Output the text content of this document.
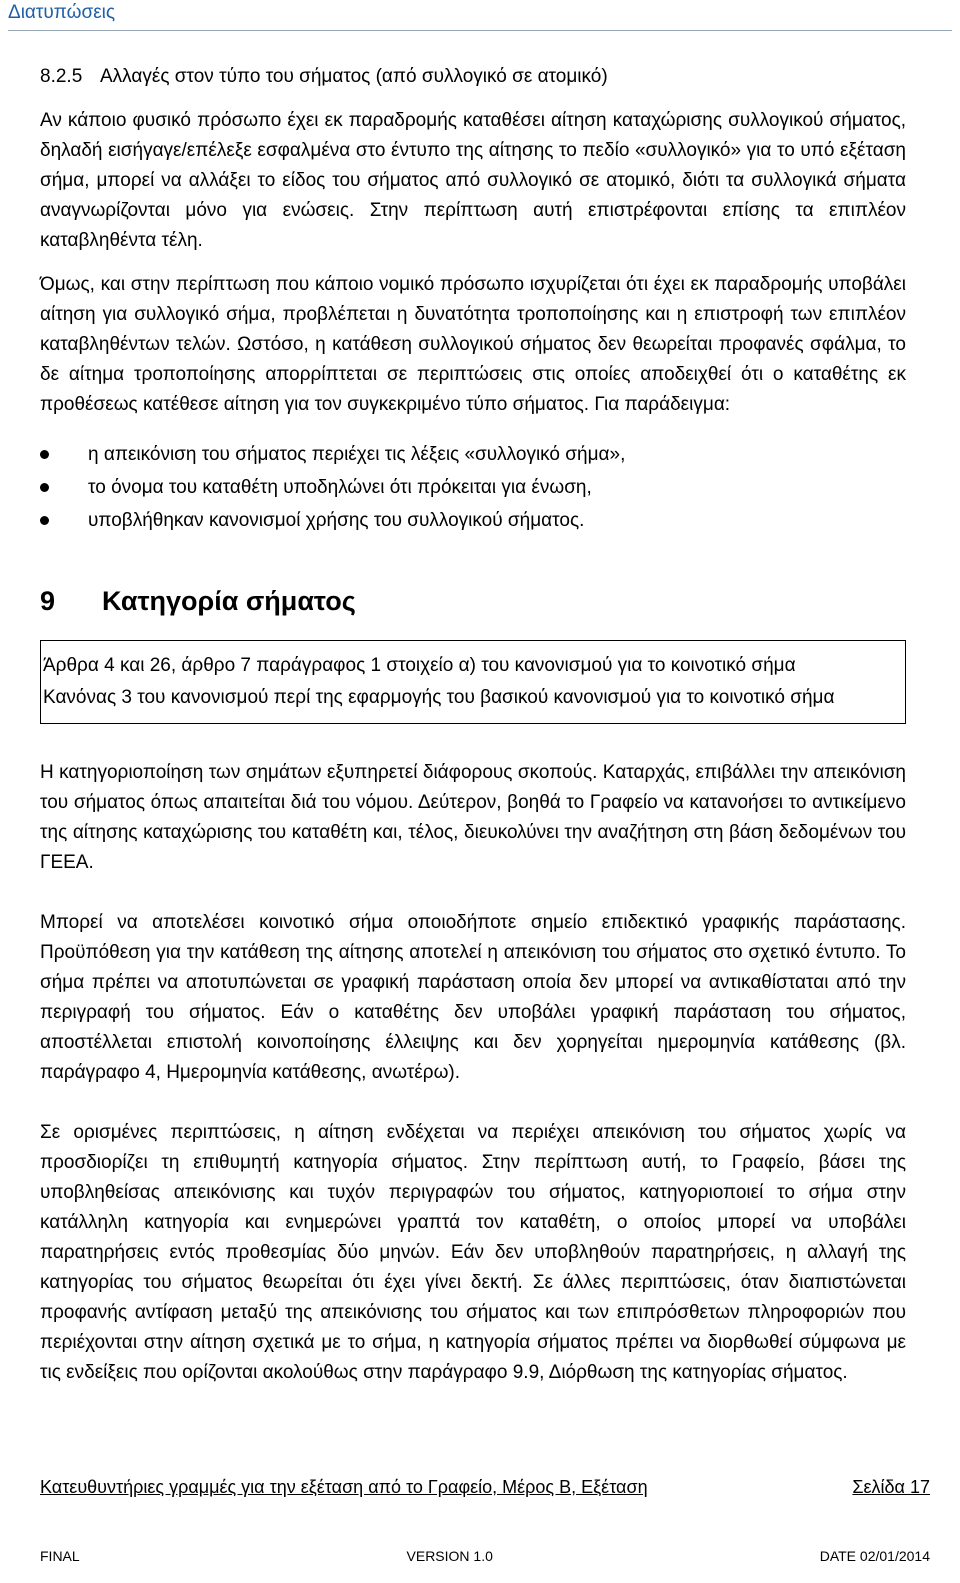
Διατυπώσεις
8.2.5 Αλλαγές στον τύπο του σήματος (από συλλογικό σε ατομικό)

Αν κάποιο φυσικό πρόσωπο έχει εκ παραδρομής καταθέσει αίτηση καταχώρισης συλλογικού σήματος, δηλαδή εισήγαγε/επέλεξε εσφαλμένα στο έντυπο της αίτησης το πεδίο «συλλογικό» για το υπό εξέταση σήμα, μπορεί να αλλάξει το είδος του σήματος από συλλογικό σε ατομικό, διότι τα συλλογικά σήματα αναγνωρίζονται μόνο για ενώσεις. Στην περίπτωση αυτή επιστρέφονται επίσης τα επιπλέον καταβληθέντα τέλη.

Όμως, και στην περίπτωση που κάποιο νομικό πρόσωπο ισχυρίζεται ότι έχει εκ παραδρομής υποβάλει αίτηση για συλλογικό σήμα, προβλέπεται η δυνατότητα τροποποίησης και η επιστροφή των επιπλέον καταβληθέντων τελών. Ωστόσο, η κατάθεση συλλογικού σήματος δεν θεωρείται προφανές σφάλμα, το δε αίτημα τροποποίησης απορρίπτεται σε περιπτώσεις στις οποίες αποδειχθεί ότι ο καταθέτης εκ προθέσεως κατέθεσε αίτηση για τον συγκεκριμένο τύπο σήματος. Για παράδειγμα:

η απεικόνιση του σήματος περιέχει τις λέξεις «συλλογικό σήμα»,
το όνομα του καταθέτη υποδηλώνει ότι πρόκειται για ένωση,
υποβλήθηκαν κανονισμοί χρήσης του συλλογικού σήματος.
9	Κατηγορία σήματος

Άρθρα 4 και 26, άρθρο 7 παράγραφος 1 στοιχείο α) του κανονισμού για το κοινοτικό σήμα

Κανόνας 3 του κανονισμού περί της εφαρμογής του βασικού κανονισμού για το κοινοτικό σήμα

Η κατηγοριοποίηση των σημάτων εξυπηρετεί διάφορους σκοπούς. Καταρχάς, επιβάλλει την απεικόνιση του σήματος όπως απαιτείται διά του νόμου. Δεύτερον, βοηθά το Γραφείο να κατανοήσει το αντικείμενο της αίτησης καταχώρισης του καταθέτη και, τέλος, διευκολύνει την αναζήτηση στη βάση δεδομένων του ΓΕΕΑ.

Μπορεί να αποτελέσει κοινοτικό σήμα οποιοδήποτε σημείο επιδεκτικό γραφικής παράστασης. Προϋπόθεση για την κατάθεση της αίτησης αποτελεί η απεικόνιση του σήματος στο σχετικό έντυπο. Το σήμα πρέπει να αποτυπώνεται σε γραφική παράσταση οποία δεν μπορεί να αντικαθίσταται από την περιγραφή του σήματος. Εάν ο καταθέτης δεν υποβάλει γραφική παράσταση του σήματος, αποστέλλεται επιστολή κοινοποίησης έλλειψης και δεν χορηγείται ημερομηνία κατάθεσης (βλ. παράγραφο 4, Ημερομηνία κατάθεσης, ανωτέρω).

Σε ορισμένες περιπτώσεις, η αίτηση ενδέχεται να περιέχει απεικόνιση του σήματος χωρίς να προσδιορίζει τη επιθυμητή κατηγορία σήματος. Στην περίπτωση αυτή, το Γραφείο, βάσει της υποβληθείσας απεικόνισης και τυχόν περιγραφών του σήματος, κατηγοριοποιεί το σήμα στην κατάλληλη κατηγορία και ενημερώνει γραπτά τον καταθέτη, ο οποίος μπορεί να υποβάλει παρατηρήσεις εντός προθεσμίας δύο μηνών. Εάν δεν υποβληθούν παρατηρήσεις, η αλλαγή της κατηγορίας του σήματος θεωρείται ότι έχει γίνει δεκτή. Σε άλλες περιπτώσεις, όταν διαπιστώνεται προφανής αντίφαση μεταξύ της απεικόνισης του σήματος και των επιπρόσθετων πληροφοριών που περιέχονται στην αίτηση σχετικά με το σήμα, η κατηγορία σήματος πρέπει να διορθωθεί σύμφωνα με τις ενδείξεις που ορίζονται ακολούθως στην παράγραφο 9.9, Διόρθωση της κατηγορίας σήματος.

Κατευθυντήριες γραμμές για την εξέταση από το Γραφείο, Μέρος B, Εξέταση	Σελίδα 17
FINAL	VERSION 1.0	DATE 02/01/2014
